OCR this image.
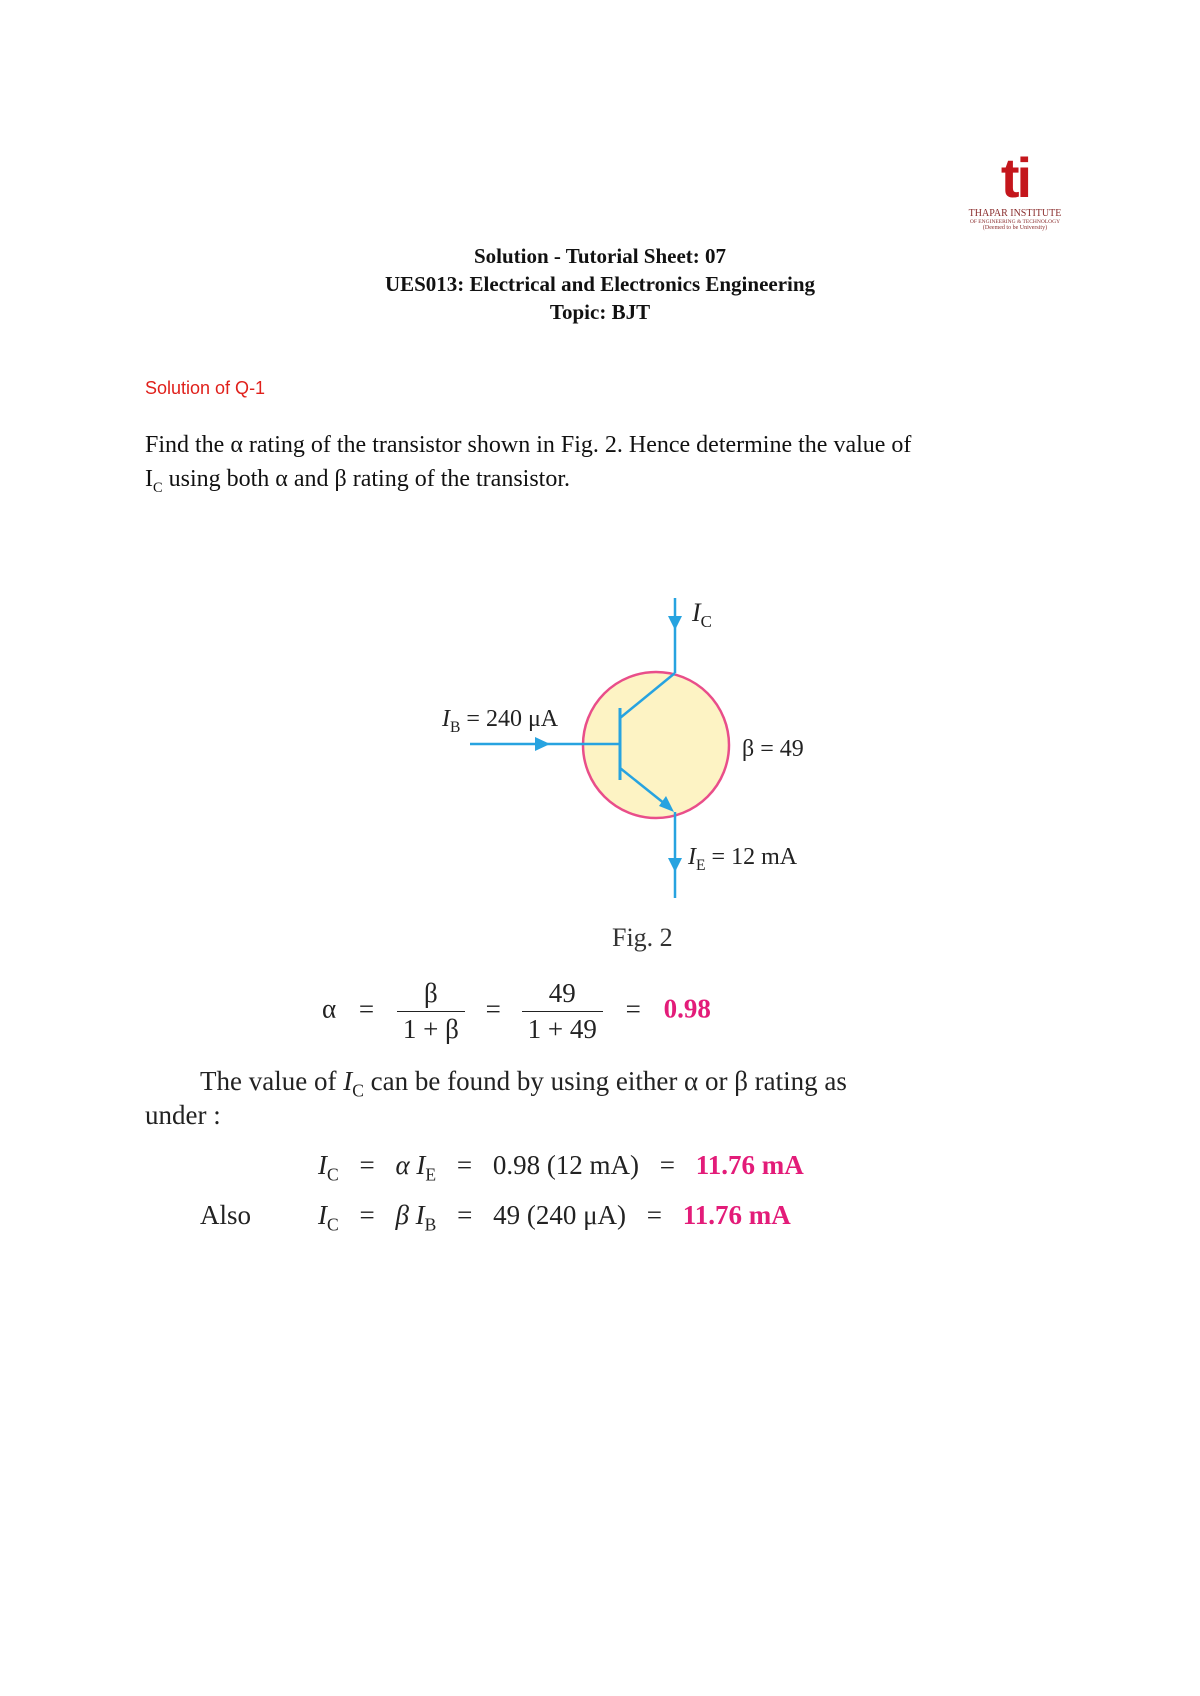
ti
THAPAR INSTITUTE
OF ENGINEERING & TECHNOLOGY
(Deemed to be University)
Solution - Tutorial Sheet: 07
UES013: Electrical and Electronics Engineering
Topic: BJT
Solution of Q-1
Find the α rating of the transistor shown in Fig. 2. Hence determine the value of
$I_C$ using both α and β rating of the transistor.
$I_C$
$I_B = 240$ μA
β = 49
$I_E = 12$ mA
Fig. 2
$\alpha = \frac{\beta}{1 + \beta} = \frac{49}{1 + 49} = 0.98$
The value of $I_C$ can be found by using either α or β rating as
under :
$I_C = \alpha$ $I_E = 0.98$ (12 mA) = 11.76 mA
Also $I_C = \beta$ $I_B = 49$ (240 μA) = 11.76 mA
